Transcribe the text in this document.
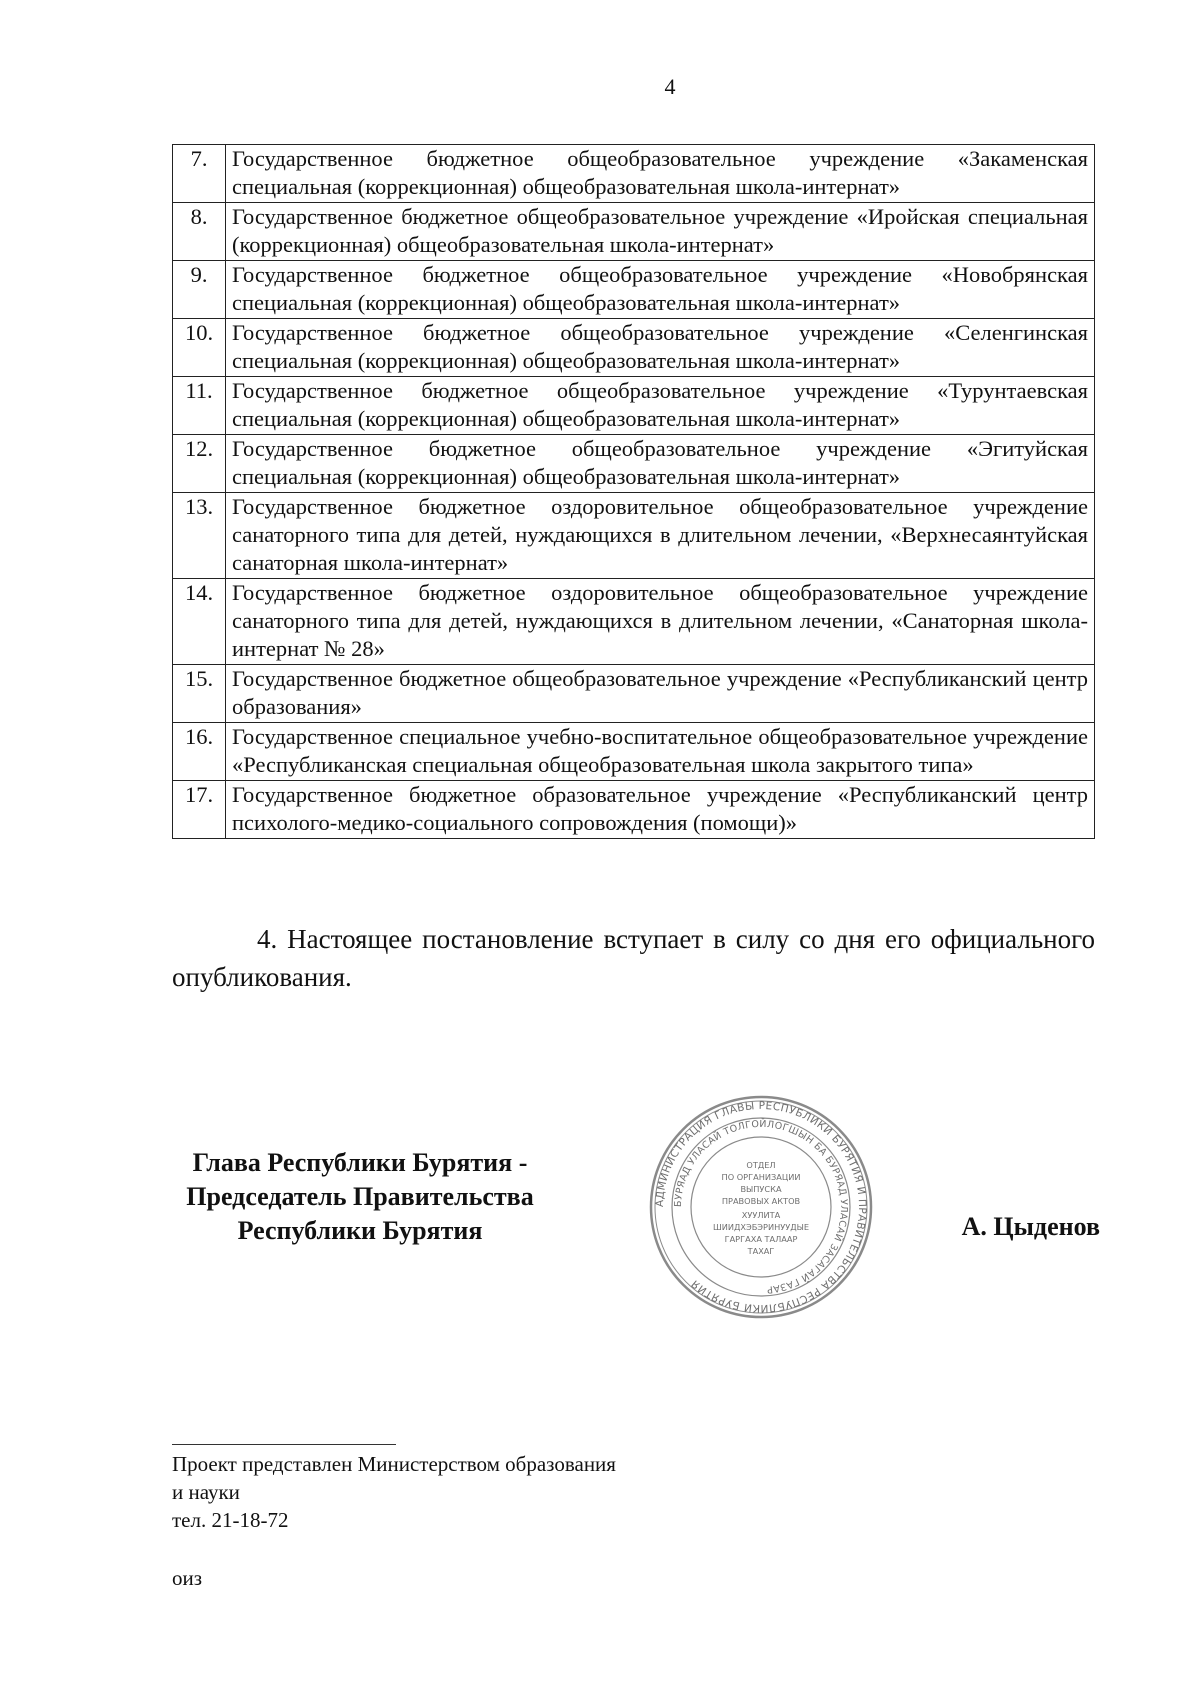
4
7.	Государственное бюджетное общеобразовательное учреждение «Закаменская специальная (коррекционная) общеобразовательная школа-интернат»
8.	Государственное бюджетное общеобразовательное учреждение «Иройская специальная (коррекционная) общеобразовательная школа-интернат»
9.	Государственное бюджетное общеобразовательное учреждение «Новобрянская специальная (коррекционная) общеобразовательная школа-интернат»
10.	Государственное бюджетное общеобразовательное учреждение «Селенгинская специальная (коррекционная) общеобразовательная школа-интернат»
11.	Государственное бюджетное общеобразовательное учреждение «Турунтаевская специальная (коррекционная) общеобразовательная школа-интернат»
12.	Государственное бюджетное общеобразовательное учреждение «Эгитуйская специальная (коррекционная) общеобразовательная школа-интернат»
13.	Государственное бюджетное оздоровительное общеобразовательное учреждение санаторного типа для детей, нуждающихся в длительном лечении, «Верхнесаянтуйская санаторная школа-интернат»
14.	Государственное бюджетное оздоровительное общеобразовательное учреждение санаторного типа для детей, нуждающихся в длительном лечении, «Санаторная школа-интернат № 28»
15.	Государственное бюджетное общеобразовательное учреждение «Республиканский центр образования»
16.	Государственное специальное учебно-воспитательное общеобразовательное учреждение «Республиканская специальная общеобразовательная школа закрытого типа»
17.	Государственное бюджетное образовательное учреждение «Республиканский центр психолого-медико-социального сопровождения (помощи)»
4. Настоящее постановление вступает в силу со дня его официального опубликования.
Глава Республики Бурятия -
Председатель Правительства
Республики Бурятия
АДМИНИСТРАЦИЯ ГЛАВЫ РЕСПУБЛИКИ БУРЯТИЯ И ПРАВИТЕЛЬСТВА РЕСПУБЛИКИ БУРЯТИЯ
БУРЯАД УЛАСАЙ ТОЛГОЙЛОГШЫН БА БУРЯАД УЛАСАЙ ЗАСАГАЙ ГАЗАР
ОТДЕЛ
ПО ОРГАНИЗАЦИИ
ВЫПУСКА
ПРАВОВЫХ АКТОВ
ХУУЛИТА
ШИИДХЭБЭРИНУУДЫЕ
ГАРГАХА ТАЛААР
ТАХАГ
А. Цыденов
Проект представлен Министерством образования
и науки
тел. 21-18-72
оиз
